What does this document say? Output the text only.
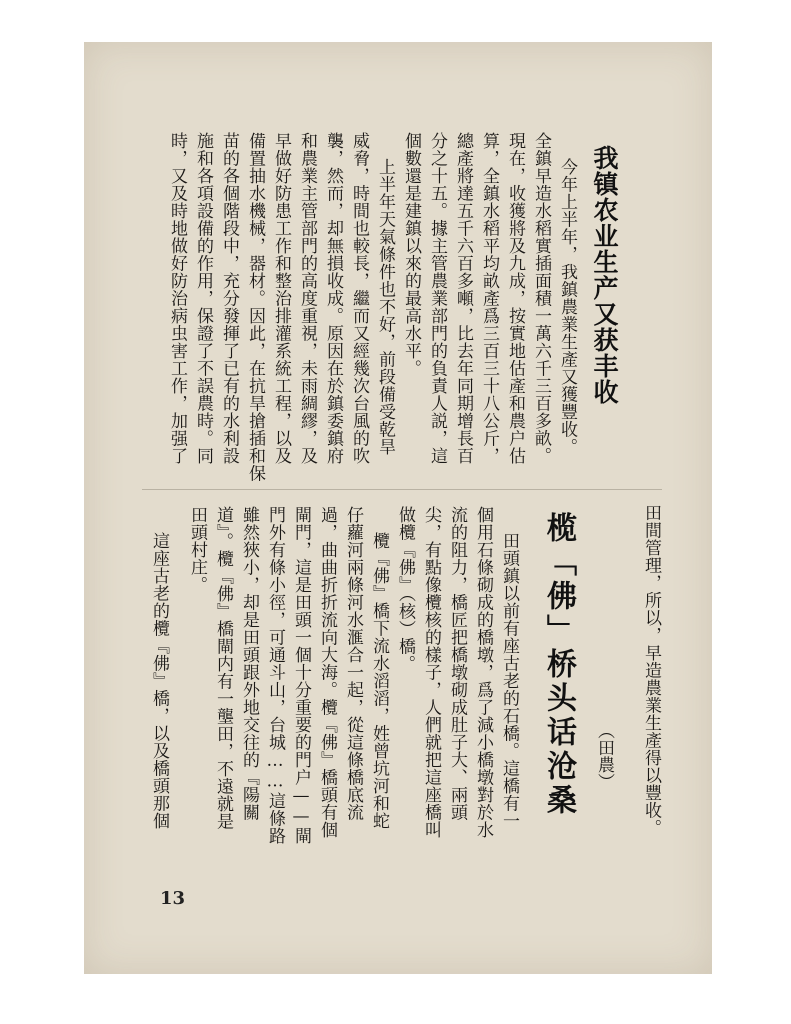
我镇农业生产又获丰收
今年上半年，我鎮農業生產又獲豐收。
全鎮早造水稻實插面積一萬六千三百多畝。
現在，收獲將及九成，按實地估產和農户估
算，全鎮水稻平均畝產爲三百三十八公斤，
總產將達五千六百多噸，比去年同期增長百
分之十五。據主管農業部門的負責人説，這
個數還是建鎮以來的最高水平。
上半年天氣條件也不好，前段備受乾旱
威脅，時間也較長，繼而又經幾次台風的吹
襲，然而，却無損收成。原因在於鎮委鎮府
和農業主管部門的高度重視，未雨綢繆，及
早做好防患工作和整治排灌系統工程，以及
備置抽水機械，器材。因此，在抗旱搶插和保
苗的各個階段中，充分發揮了已有的水利設
施和各項設備的作用，保證了不誤農時。同
時，又及時地做好防治病虫害工作，加强了
田間管理，所以，早造農業生產得以豐收。
（田農）
榄「佛」桥头话沧桑
田頭鎮以前有座古老的石橋。這橋有一
個用石條砌成的橋墩，爲了減小橋墩對於水
流的阻力，橋匠把橋墩砌成肚子大、兩頭
尖，有點像欖核的樣子，人們就把這座橋叫
做欖『佛』（核）橋。
欖『佛』橋下流水滔滔，姓曾坑河和蛇
仔蘿河兩條河水滙合一起，從這條橋底流
過，曲曲折折流向大海。欖『佛』橋頭有個
閘門，這是田頭一個十分重要的門户——閘
門外有條小徑，可通斗山，台城……這條路
雖然狹小，却是田頭跟外地交往的『陽關
道』。欖『佛』橋閘内有一壟田，不遠就是
田頭村庄。
這座古老的欖『佛』橋，以及橋頭那個
13
